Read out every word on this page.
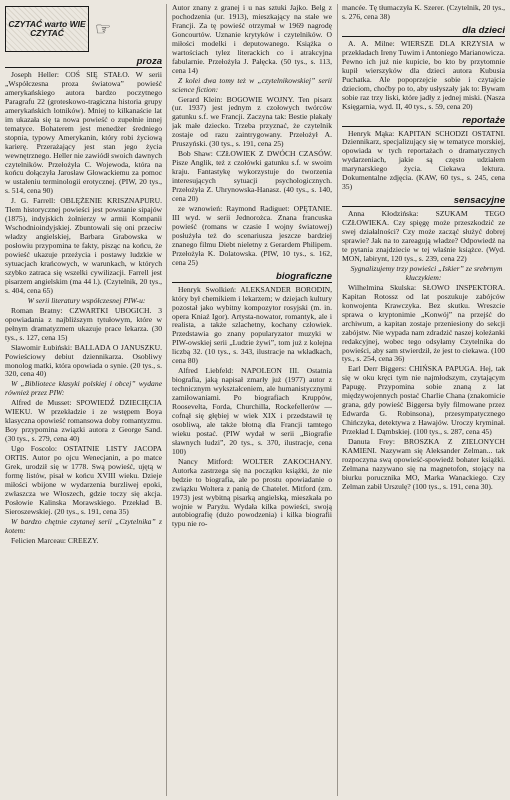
CZYTAĆ warto WIE CZYTAĆ	☞
proza

Joseph Heller: COŚ SIĘ STAŁO. W serii „Współczesna proza światowa” powieść amerykańskiego autora bardzo poczytnego Paragrafu 22 (groteskowo-tragiczna historia grupy amerykańskich lotników). Mniej to kilkanaście lat im ukazała się ta nowa powieść o zupełnie innej tematyce. Bohaterem jest menedżer średniego stopnia, typowy Amerykanin, który robi życiową karierę. Przerażający jest stan jego życia wewnętrznego. Heller nie zawiódł swoich dawnych czytelników. Przełożyła C. Wojewoda, która na końcu dołączyła Jarosław Głowackiemu za pomoc w ustaleniu terminologii erotycznej. (PIW, 20 tys., s. 514, cena 90)

J. G. Farrell: OBLĘŻENIE KRISZNAPURU. Tłem historycznej powieści jest powstanie sipajów (1875), indyjskich żołnierzy w armii Kompanii Wschodnioindyjskiej. Zbuntowali się oni przeciw władzy angielskiej, Barbara Grabowska w posłowiu przypomina te fakty, pisząc na końcu, że powieść ukazuje przeżycia i postawy ludzkie w sytuacjach krańcowych, w warunkach, w których szybko zatraca się wszelki cywilizacji. Farrell jest pisarzem angielskim (ma 44 l.). (Czytelnik, 20 tys., s. 404, cena 65)

W serii literatury współczesnej PIW-u:

Roman Bratny: CZWARTKI UBOGICH. 3 opowiadania z najbliższym tytułowym, które w pełnym dramatyzmem ukazuje prace lekarza. (30 tys., s. 127, cena 15)

Sławomir Łubiński: BALLADA O JANUSZKU. Powieściowy debiut dziennikarza. Osobliwy monolog matki, która opowiada o synie. (20 tys., s. 320, cena 40)

W „Bibliotece klasyki polskiej i obcej” wydane również przez PIW:

Alfred de Musset: SPOWIEDŹ DZIECIĘCIA WIEKU. W przekładzie i ze wstępem Boya klasyczna opowieść romansowa doby romantyzmu. Boy przypomina związki autora z George Sand. (30 tys., s. 279, cena 40)

Ugo Foscolo: OSTATNIE LISTY JACOPA ORTIS. Autor po ojcu Wenecjanin, a po matce Grek, urodził się w 1778. Swą powieść, ujętą w formę listów, pisał w końcu XVIII wieku. Dzieje miłości wbijone w wydarzenia burzliwej epoki, zwłaszcza we Włoszech, gdzie toczy się akcja. Posłowie Kalinska Morawskiego. Przekład B. Sieroszewskiej. (20 tys., s. 191, cena 35)

W bardzo chętnie czytanej serii „Czytelnika” z kotem:

Felicien Marceau: CREEZY.

Autor znany z granej i u nas sztuki Jajko. Belg z pochodzenia (ur. 1913), mieszkający na stałe we Francji. Za tę powieść otrzymał w 1969 nagrodę Goncourtów. Uznanie krytyków i czytelników. O miłości modelki i deputowanego. Książka o wartościach tylez literackich co i atrakcyjna fabularnie. Przełożyła J. Pałęcka. (50 tys., s. 113, cena 14)

Z kolei dwa tomy też w „czytelnikowskiej” serii science fiction:

Gerard Klein: BOGOWIE WOJNY. Ten pisarz (ur. 1937) jest jednym z czołowych twórców gatunku s.f. we Francji. Zaczyna tak: Bestie płakały jak małe dziecko. Trzeba przyznać, że czytelnik zostaje od razu zaintrygowany. Przełożył A. Pruszyński. (30 tys., s. 191, cena 25)

Bob Shaw: CZŁOWIEK Z DWÓCH CZASÓW. Pisze Anglik, też z czołówki gatunku s.f. w swoim kraju. Fantastykę wykorzystuje do tworzenia interesujących sytuacji psychologicznych. Przełożyła Z. Uhrynowska-Hanasz. (40 tys., s. 140, cena 20)

ze wznowień: Raymond Radiguet: OPĘTANIE. III wyd. w serii Jednorożca. Znana francuska powieść (romans w czasie I wojny światowej) posłużyła też do scenariusza jeszcze bardziej znanego filmu Diebt nieletny z Gerardem Philipem. Przełożyła K. Dolatowska. (PIW, 10 tys., s. 162, cena 25)

biograficzne

Henryk Swolkień: ALEKSANDER BORODIN, który był chemikiem i lekarzem; w dziejach kultury pozostał jako wybitny kompozytor rosyjski (m. in. opera Kniaź Igor). Artysta-nowator, romantyk, ale i realista, a także szlachetny, kochany człowiek. Przedstawia go znany popularyzator muzyki w PIW-owskiej serii „Ludzie żywi”, tom już z kolejna liczbą 32. (10 tys., s. 343, ilustracje na wkładkach, cena 80)

Alfred Liebfeld: NAPOLEON III. Ostatnia biografia, jaką napisał zmarły już (1977) autor z technicznym wykształceniem, ale humanistycznymi zamiłowaniami. Po biografiach Kruppów, Roosevelta, Forda, Churchilla, Rockefellerów — cofnął się głębiej w wiek XIX i przedstawił tę osobliwą, ale także błotną dla Francji tamtego wieku postać. (PIW wydał w serii „Biografie sławnych ludzi”, 20 tys., s. 370, ilustracje, cena 100)

Nancy Mitford: WOLTER ZAKOCHANY. Autorka zastrzega się na początku książki, że nie będzie to biografia, ale po prostu opowiadanie o związku Woltera z panią de Chatelet. Mitford (zm. 1973) jest wybitną pisarką angielską, mieszkała po wojnie w Paryżu. Wydała kilka powieści, swoją autobiografię (dużo powodzenia) i kilka biografii typu nie ro-

mancée. Tę tłumaczyła K. Szerer. (Czytelnik, 20 tys., s. 276, cena 38)

dla dzieci

A. A. Milne: WIERSZE DLA KRZYSIA w przekładach Ireny Tuwim i Antoniego Marianowicza. Pewno ich już nie kupicie, bo kto by przytomnie kupił wierszyków dla dzieci autora Kubusia Puchatka. Ale popoprzejcie sobie i czytajcie dzieciom, choćby po to, aby usłyszały jak to: Bywam sobie raz trzy liski, które jadły z jednej miski. (Nasza Księgarnia, wyd. II, 40 tys., s. 59, cena 20)

reportaże

Henryk Mąka: KAPITAN SCHODZI OSTATNI. Dziennikarz, specjalizujący się w tematyce morskiej, opowiada w tych reportażach o dramatycznych wydarzeniach, jakie są często udziałem marynarskiego życia. Ciekawa lektura. Dokumentalne zdjęcia. (KAW, 60 tys., s. 245, cena 35)

sensacyjne

Anna Kłodzińska: SZUKAM TEGO CZŁOWIEKA. Czy spięgę może przeszkodzić ze swej działalności? Czy może zacząć służyć dobrej sprawie? Jak na to zareagują władze? Odpowiedź na te pytania znajdziecie w tej właśnie książce. (Wyd. MON, labirynt, 120 tys., s. 239, cena 22)

Sygnalizujemy trzy powieści „Iskier” ze srebrnym kluczykiem:

Wilhelmina Skulska: SŁOWO INSPEKTORA. Kapitan Rotossz od lat poszukuje zabójców konwojenta Krawczyka. Bez skutku. Wreszcie sprawa o kryptonimie „Konwój” na przejść do archiwum, a kapitan zostaje przeniesiony do sekcji zabójstw. Nie wypada nam zdradzić naszej koleżanki redakcyjnej, wobec tego odsyłamy Czytelnika do powieści, aby sam stwierdził, że jest to ciekawa. (100 tys., s. 254, cena 36)

Earl Derr Biggers: CHIŃSKA PAPUGA. Hej, tak się w oku kręci tym nie najmłodszym, czytającym Papugę. Przypomina sobie znaną z lat międzywojennych postać Charlie Chana (znakomicie grana, gdy powieść Biggersa były filmowane przez Edwarda G. Robinsona), przesympatycznego Chińczyka, detektywa z Hawajów. Uroczy kryminał. Przekład I. Dąmbskiej. (100 tys., s. 287, cena 45)

Danuta Frey: BROSZKA Z ZIELONYCH KAMIENI. Nazywam się Aleksander Zelman... tak rozpoczyna swą opowieść-spowiedź bohater książki. Zelmana nazywano się na magnetofon, stojący na biurku porucznika MO, Marka Wanackiego. Czy Zelman zabił Urszulę? (100 tys., s. 191, cena 30).
